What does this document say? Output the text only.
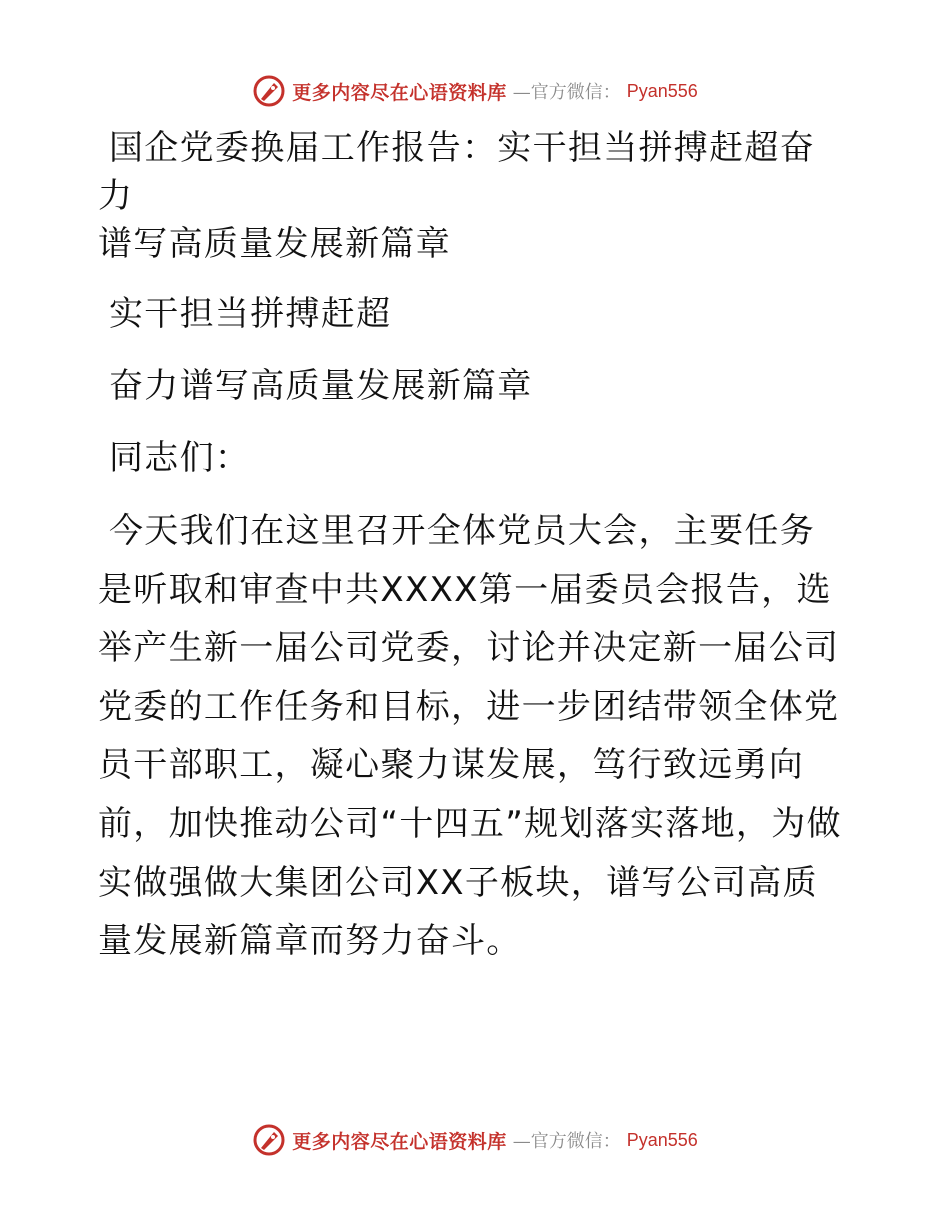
更多内容尽在心语资料库 —官方微信： Pyan556
国企党委换届工作报告：实干担当拼搏赶超奋力
谱写高质量发展新篇章

实干担当拼搏赶超

奋力谱写高质量发展新篇章

同志们：

今天我们在这里召开全体党员大会，主要任务是听取和审查中共XXXX第一届委员会报告，选举产生新一届公司党委，讨论并决定新一届公司党委的工作任务和目标，进一步团结带领全体党员干部职工，凝心聚力谋发展，笃行致远勇向前，加快推动公司“十四五”规划落实落地，为做实做强做大集团公司XX子板块，谱写公司高质量发展新篇章而努力奋斗。

更多内容尽在心语资料库 —官方微信： Pyan556
